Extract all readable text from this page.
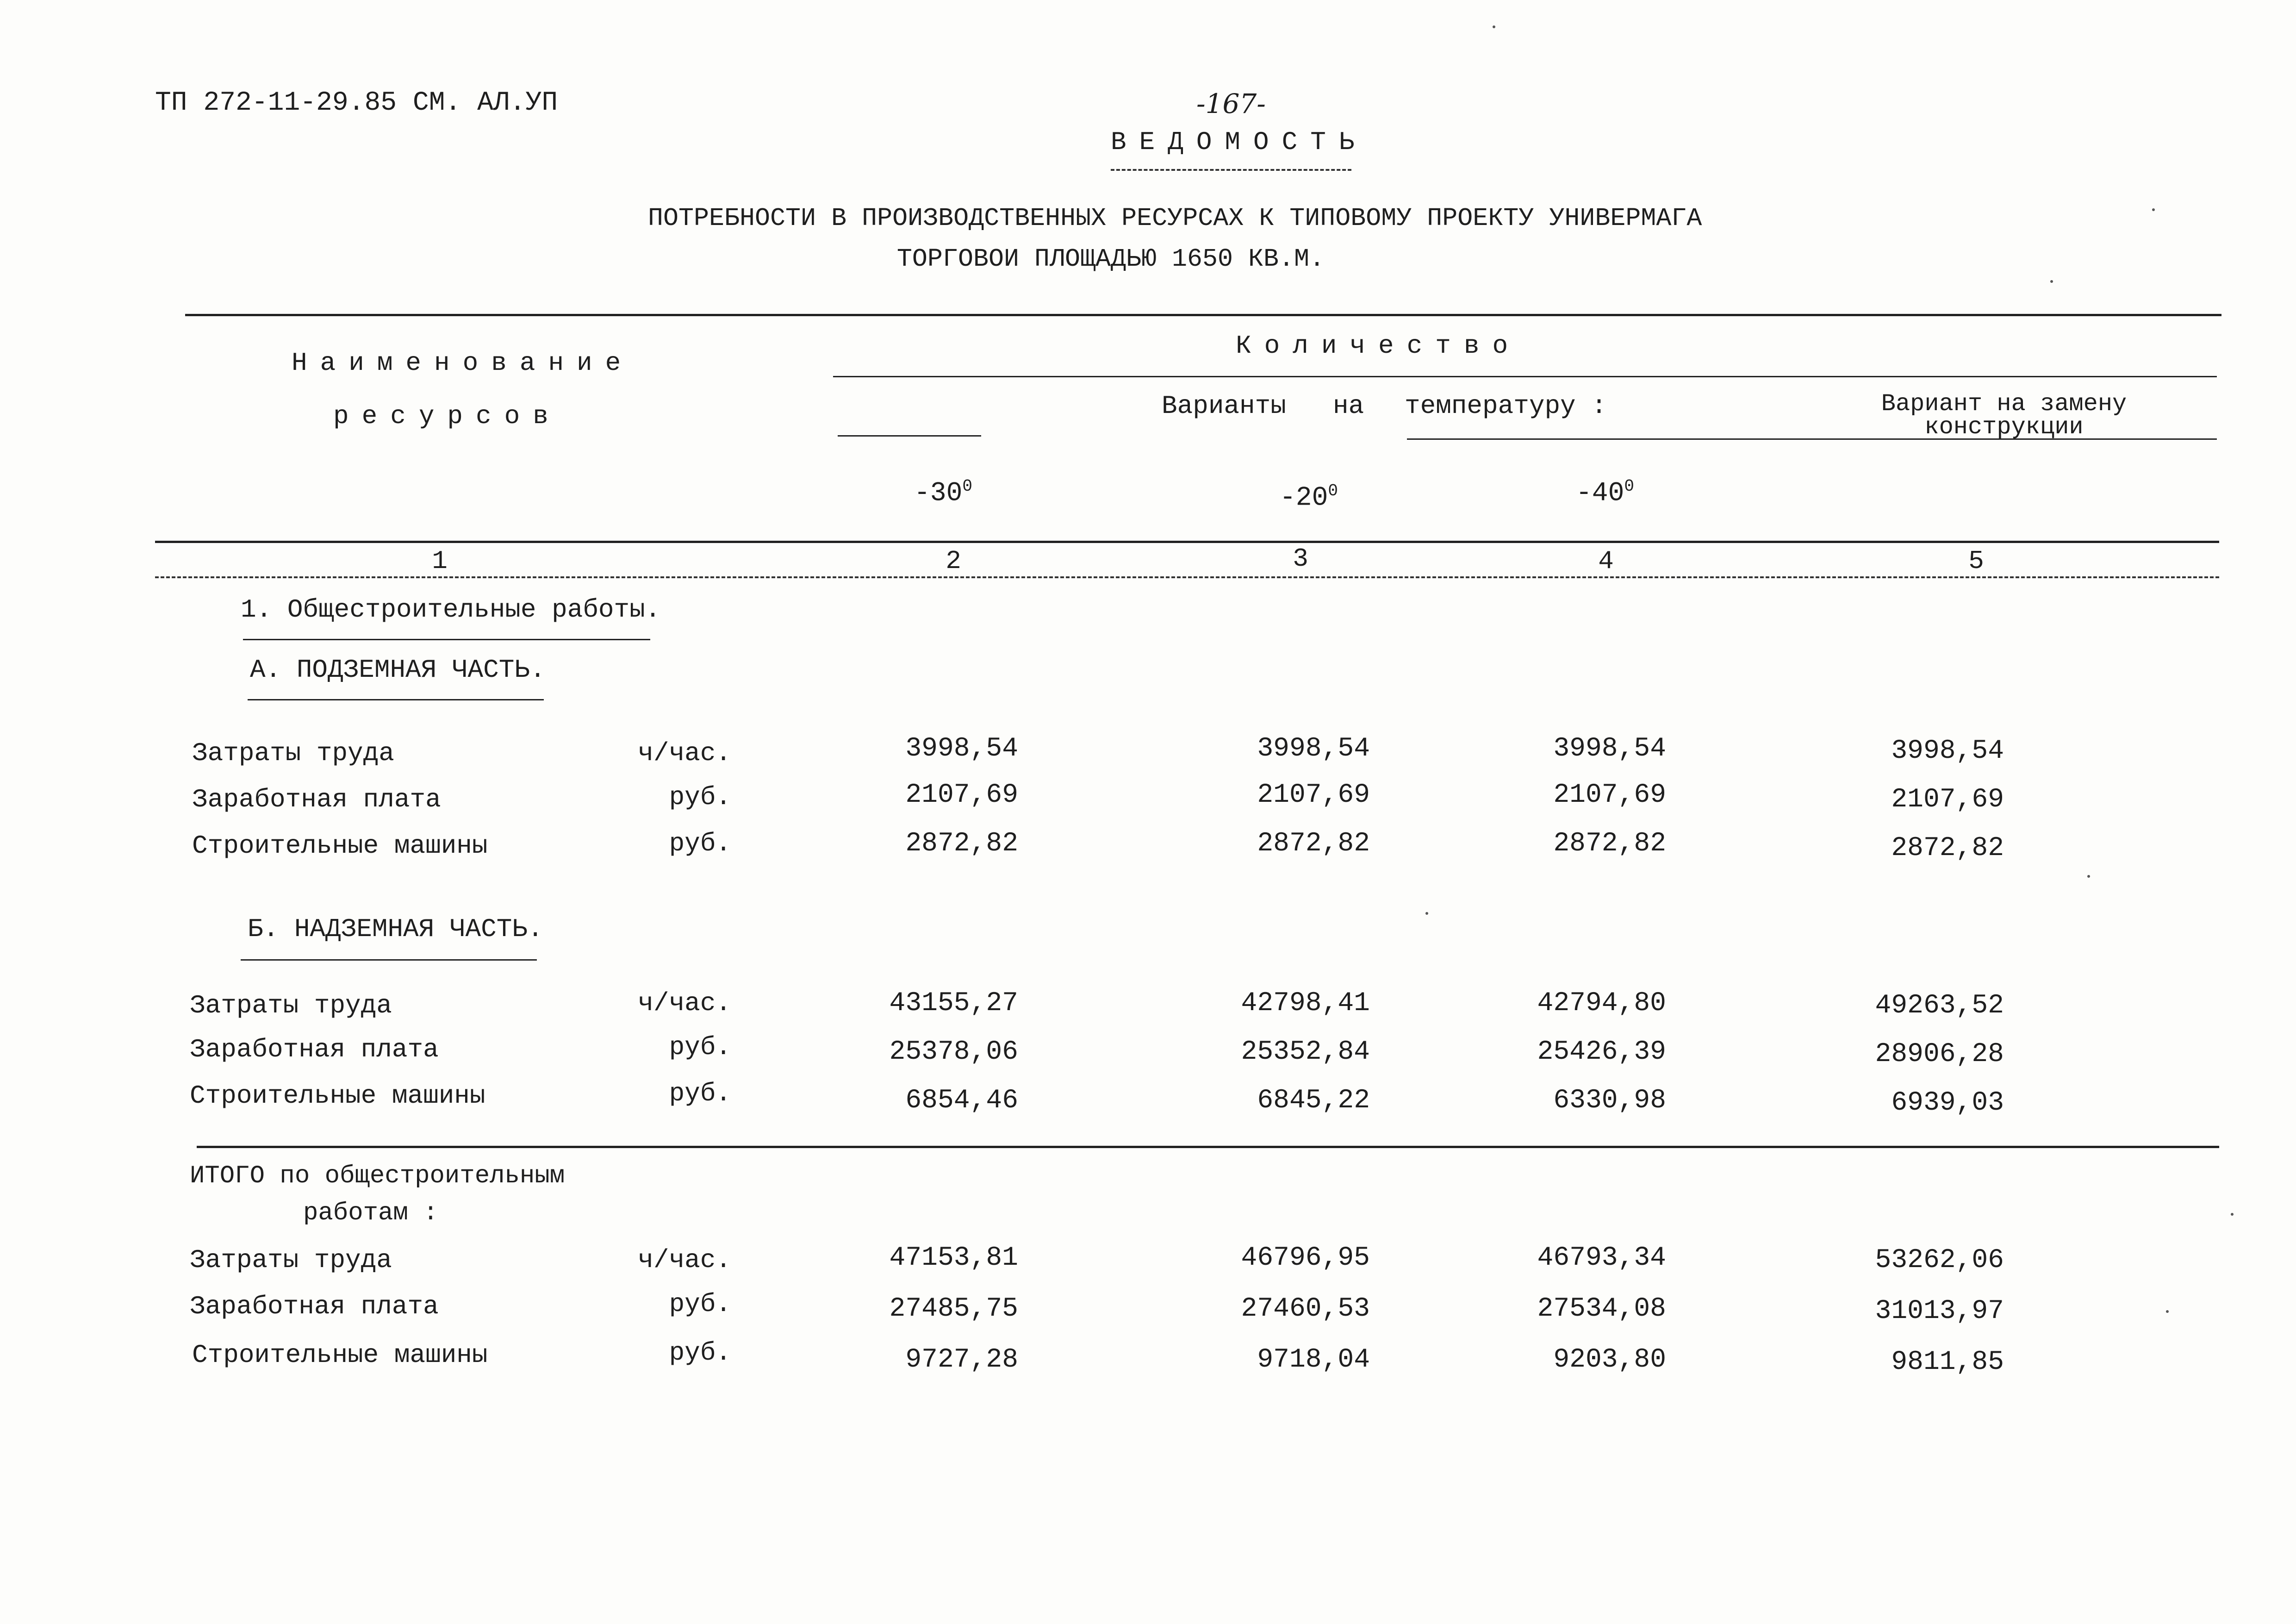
ТП 272-11-29.85 СМ. АЛ.УП	-167-
ВЕДОМОСТЬ
ПОТРЕБНОСТИ В ПРОИЗВОДСТВЕННЫХ РЕСУРСАХ К ТИПОВОМУ ПРОЕКТУ УНИВЕРМАГА
ТОРГОВОИ ПЛОЩАДЬЮ 1650 КВ.М.
Наименование
ресурсов
Количество
Варианты на температуру :	Вариант на замену
конструкции
$-30^0$	$-20^0$	$-40^0$
1	2	3	4	5
1. Общестроительные работы.
А. ПОДЗЕМНАЯ ЧАСТЬ.
Затраты труда	ч/час.	3998,54	3998,54	3998,54	3998,54
Заработная плата	руб.	2107,69	2107,69	2107,69	2107,69
Строительные машины	руб.	2872,82	2872,82	2872,82	2872,82
Б. НАДЗЕМНАЯ ЧАСТЬ.
Затраты труда	ч/час.	43155,27	42798,41	42794,80	49263,52
Заработная плата	руб.	25378,06	25352,84	25426,39	28906,28
Строительные машины	руб.	6854,46	6845,22	6330,98	6939,03
ИТОГО по общестроительным
работам :
Затраты труда	ч/час.	47153,81	46796,95	46793,34	53262,06
Заработная плата	руб.	27485,75	27460,53	27534,08	31013,97
Строительные машины	руб.	9727,28	9718,04	9203,80	9811,85
